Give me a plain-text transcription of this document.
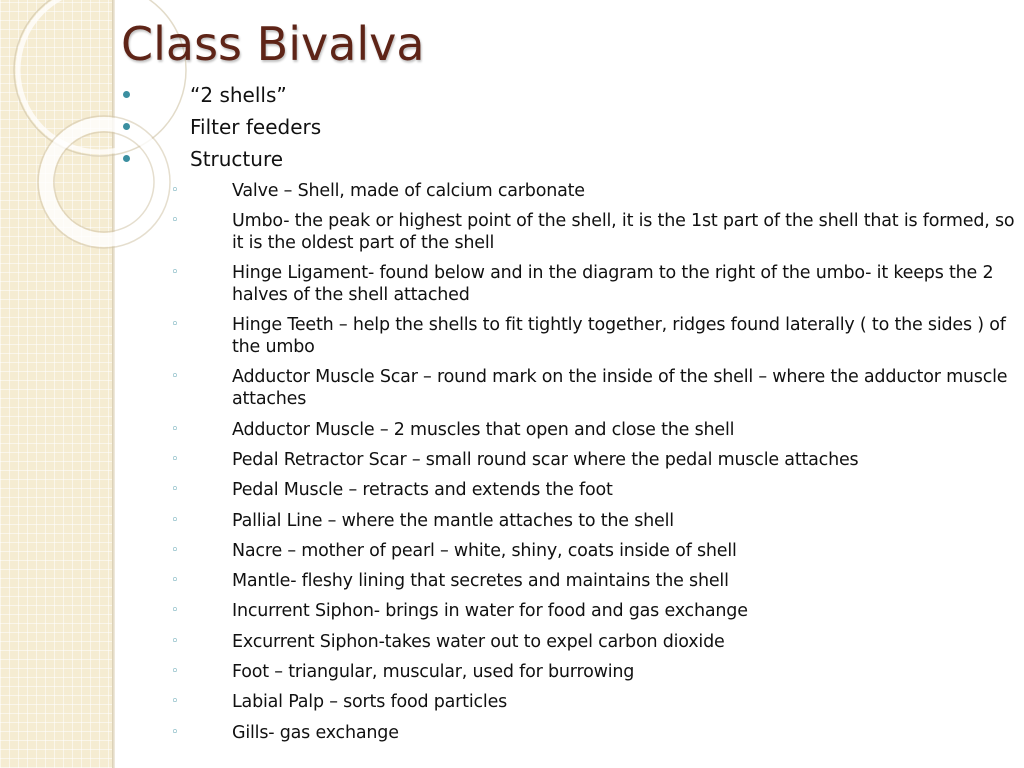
Class Bivalva
“2 shells”
Filter feeders
Structure
◦	Valve – Shell, made of calcium carbonate
◦	Umbo- the peak or highest point of the shell, it is the 1st part of the shell that is formed, so it is the oldest part of the shell
◦	Hinge Ligament- found below and in the diagram to the right of the umbo- it keeps the 2 halves of the shell attached
◦	Hinge Teeth – help the shells to fit tightly together, ridges found laterally ( to the sides ) of the umbo
◦	Adductor Muscle Scar – round mark on the inside of the shell – where the adductor muscle attaches
◦	Adductor Muscle – 2 muscles that open and close the shell
◦	Pedal Retractor Scar – small round scar where the pedal muscle attaches
◦	Pedal Muscle – retracts and extends the foot
◦	Pallial Line – where the mantle attaches to the shell
◦	Nacre – mother of pearl – white, shiny, coats inside of shell
◦	Mantle- fleshy lining that secretes and maintains the shell
◦	Incurrent Siphon- brings in water for food and gas exchange
◦	Excurrent Siphon-takes water out to expel carbon dioxide
◦	Foot – triangular, muscular, used for burrowing
◦	Labial Palp – sorts food particles
◦	Gills- gas exchange
